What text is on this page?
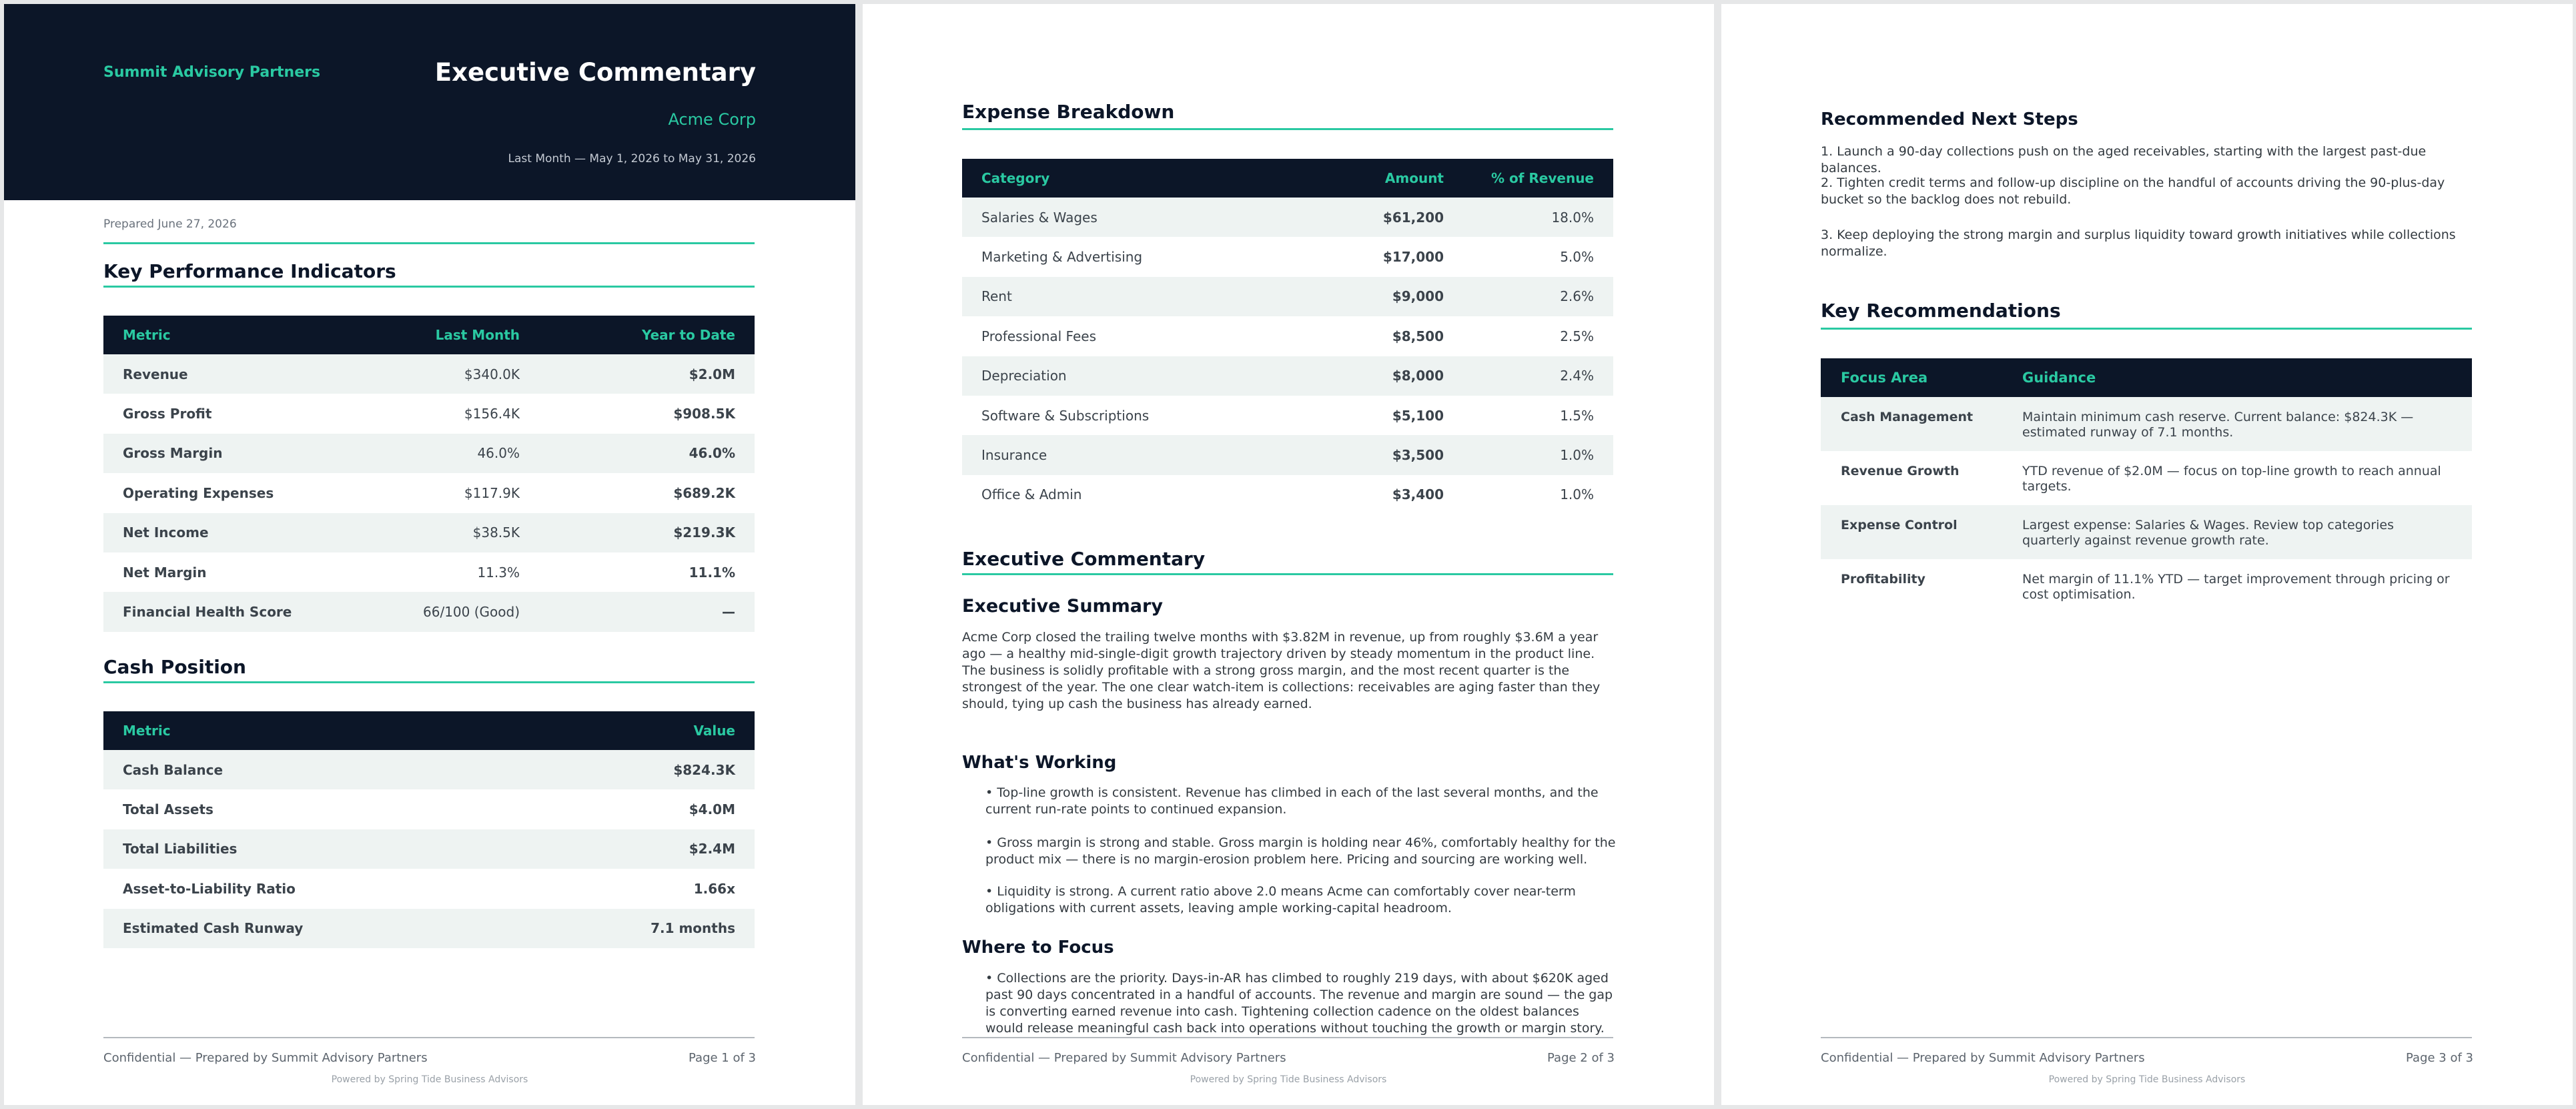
Summit Advisory Partners	Executive Commentary
Acme Corp
Last Month — May 1, 2026 to May 31, 2026
Prepared June 27, 2026
Key Performance Indicators
Metric	Last Month	Year to Date
Revenue	$340.0K	$2.0M
Gross Profit	$156.4K	$908.5K
Gross Margin	46.0%	46.0%
Operating Expenses	$117.9K	$689.2K
Net Income	$38.5K	$219.3K
Net Margin	11.3%	11.1%
Financial Health Score	66/100 (Good)	—
Cash Position
Metric	Value
Cash Balance	$824.3K
Total Assets	$4.0M
Total Liabilities	$2.4M
Asset-to-Liability Ratio	1.66x
Estimated Cash Runway	7.1 months
Confidential — Prepared by Summit Advisory Partners	Page 1 of 3
Powered by Spring Tide Business Advisors
Expense Breakdown
Category	Amount	% of Revenue
Salaries & Wages	$61,200	18.0%
Marketing & Advertising	$17,000	5.0%
Rent	$9,000	2.6%
Professional Fees	$8,500	2.5%
Depreciation	$8,000	2.4%
Software & Subscriptions	$5,100	1.5%
Insurance	$3,500	1.0%
Office & Admin	$3,400	1.0%
Executive Commentary
Executive Summary
Acme Corp closed the trailing twelve months with $3.82M in revenue, up from roughly $3.6M a year ago — a healthy mid-single-digit growth trajectory driven by steady momentum in the product line. The business is solidly profitable with a strong gross margin, and the most recent quarter is the strongest of the year. The one clear watch-item is collections: receivables are aging faster than they should, tying up cash the business has already earned.
What's Working
• Top-line growth is consistent. Revenue has climbed in each of the last several months, and the current run-rate points to continued expansion.
• Gross margin is strong and stable. Gross margin is holding near 46%, comfortably healthy for the product mix — there is no margin-erosion problem here. Pricing and sourcing are working well.
• Liquidity is strong. A current ratio above 2.0 means Acme can comfortably cover near-term obligations with current assets, leaving ample working-capital headroom.
Where to Focus
• Collections are the priority. Days-in-AR has climbed to roughly 219 days, with about $620K aged past 90 days concentrated in a handful of accounts. The revenue and margin are sound — the gap is converting earned revenue into cash. Tightening collection cadence on the oldest balances would release meaningful cash back into operations without touching the growth or margin story.
Confidential — Prepared by Summit Advisory Partners	Page 2 of 3
Powered by Spring Tide Business Advisors
Recommended Next Steps
1. Launch a 90-day collections push on the aged receivables, starting with the largest past-due balances.
2. Tighten credit terms and follow-up discipline on the handful of accounts driving the 90-plus-day bucket so the backlog does not rebuild.
3. Keep deploying the strong margin and surplus liquidity toward growth initiatives while collections normalize.
Key Recommendations
Focus Area	Guidance
Cash Management	Maintain minimum cash reserve. Current balance: $824.3K — estimated runway of 7.1 months.
Revenue Growth	YTD revenue of $2.0M — focus on top-line growth to reach annual targets.
Expense Control	Largest expense: Salaries & Wages. Review top categories quarterly against revenue growth rate.
Profitability	Net margin of 11.1% YTD — target improvement through pricing or cost optimisation.
Confidential — Prepared by Summit Advisory Partners	Page 3 of 3
Powered by Spring Tide Business Advisors
